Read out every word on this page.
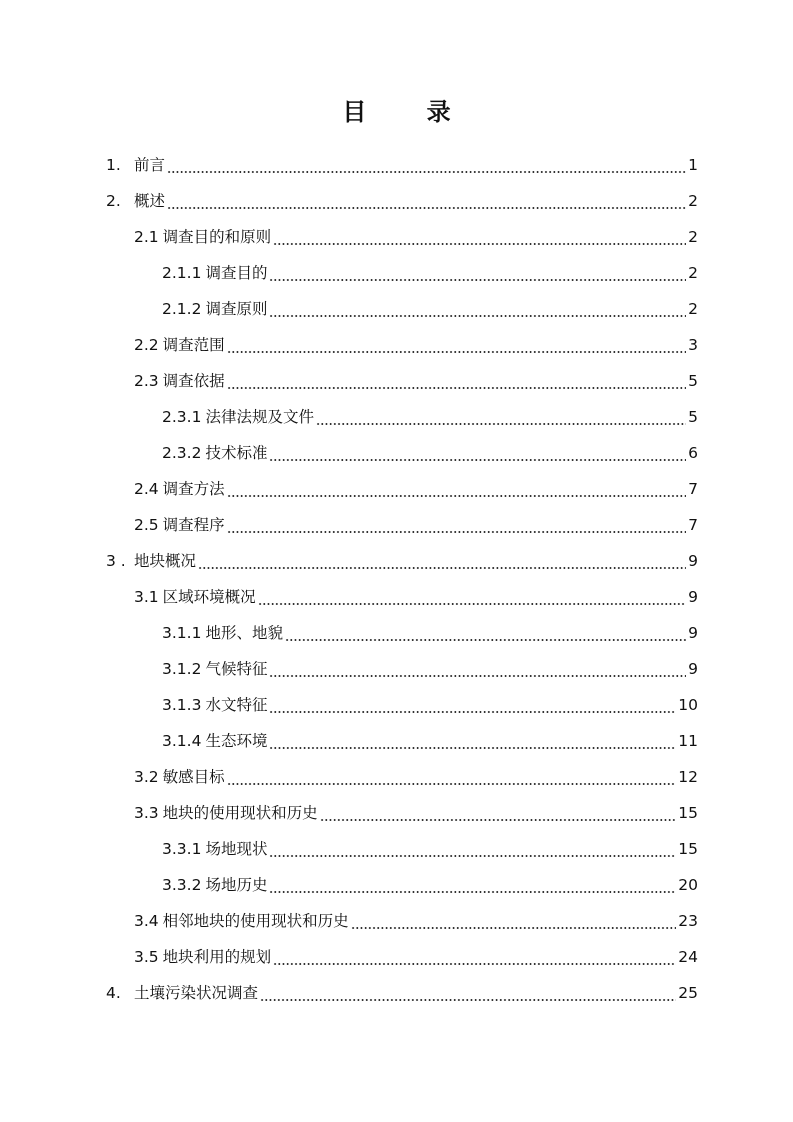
目 录
1. 前言	1
2. 概述	2
2.1 调查目的和原则	2
2.1.1 调查目的	2
2.1.2 调查原则	2
2.2 调查范围	3
2.3 调查依据	5
2.3.1 法律法规及文件	5
2.3.2 技术标准	6
2.4 调查方法	7
2.5 调查程序	7
3 . 地块概况	9
3.1 区域环境概况	9
3.1.1 地形、地貌	9
3.1.2 气候特征	9
3.1.3 水文特征	10
3.1.4 生态环境	11
3.2 敏感目标	12
3.3 地块的使用现状和历史	15
3.3.1 场地现状	15
3.3.2 场地历史	20
3.4 相邻地块的使用现状和历史	23
3.5 地块利用的规划	24
4. 土壤污染状况调查	25
